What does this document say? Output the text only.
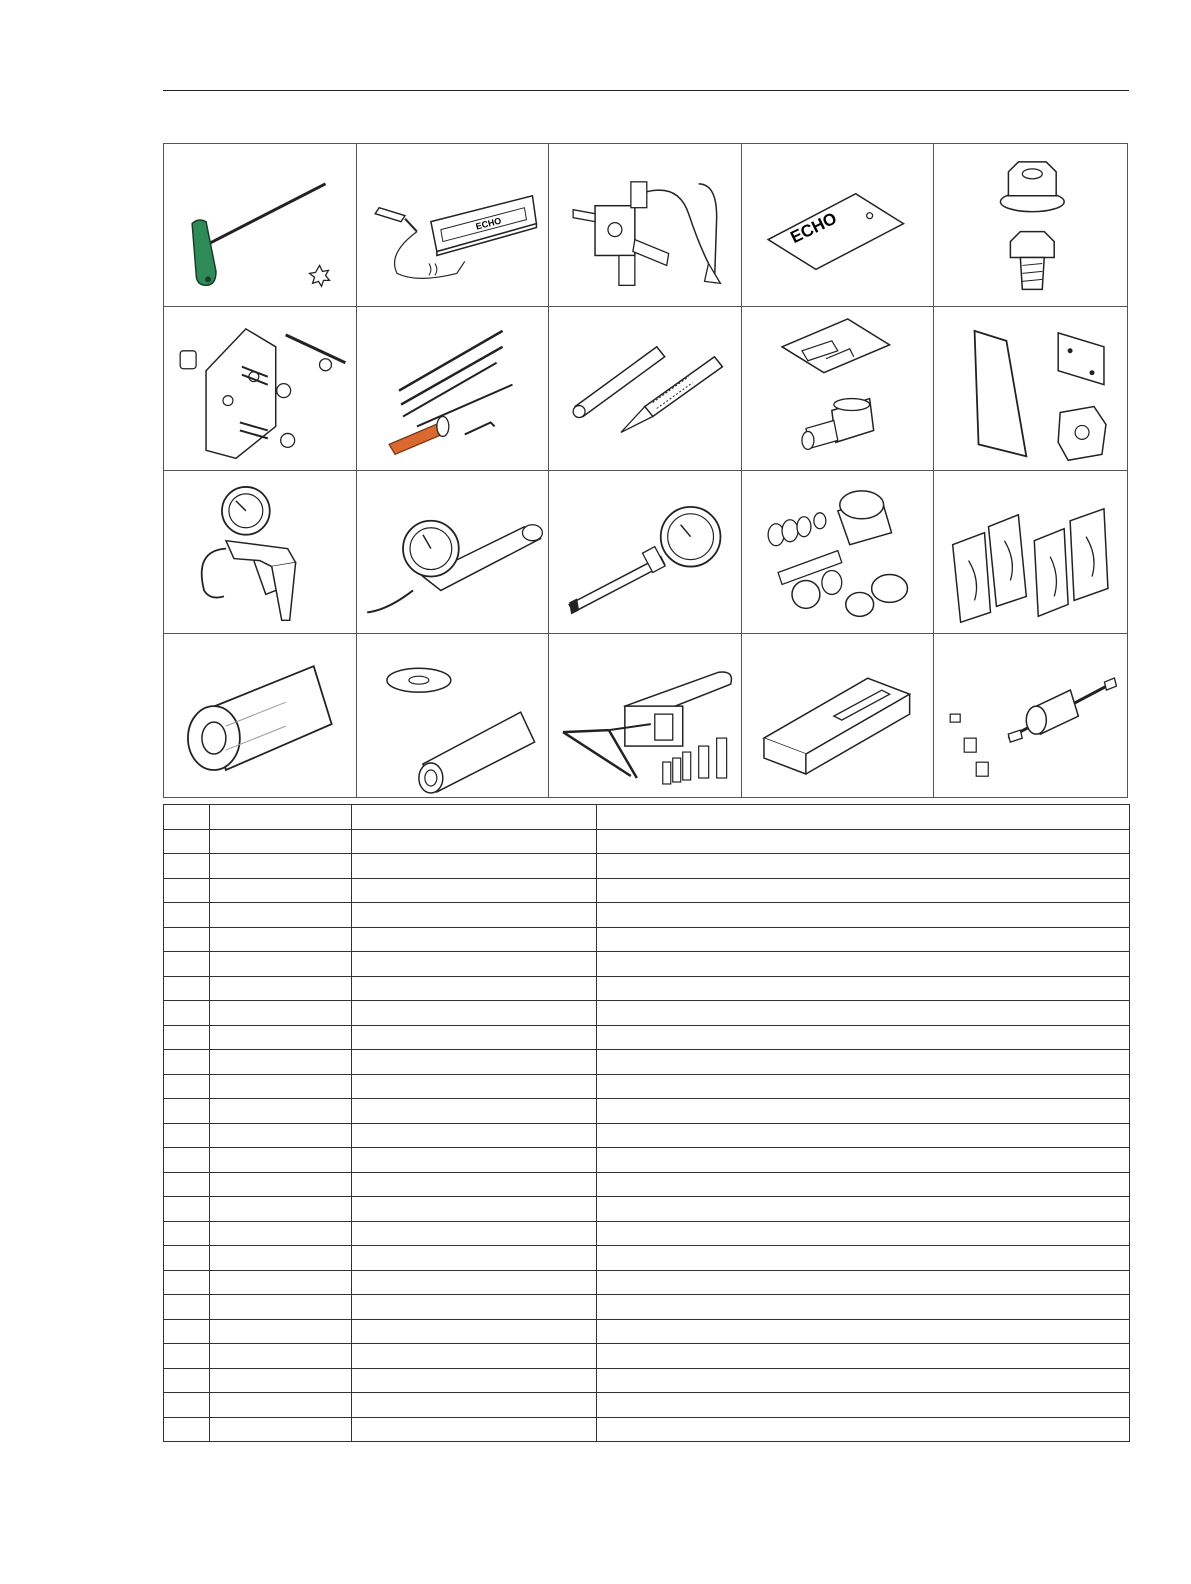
ECHO	ECHO
